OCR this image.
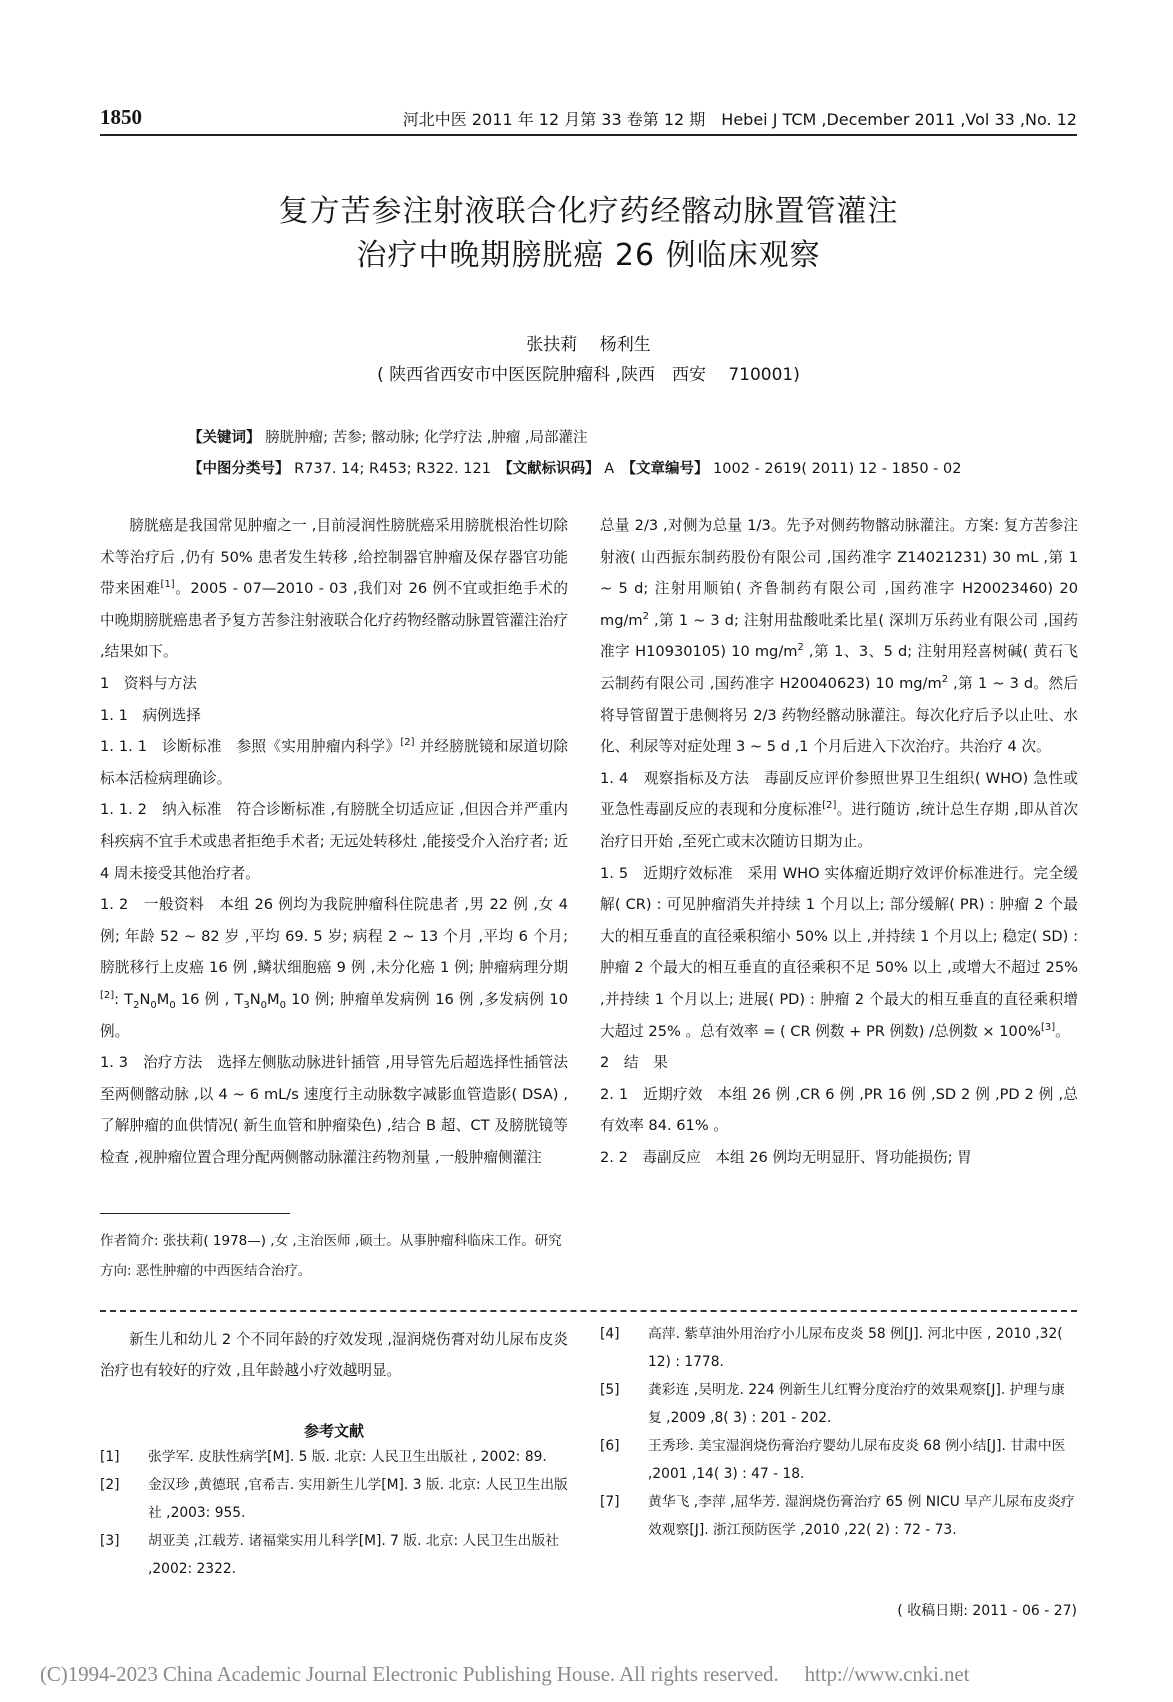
1850	河北中医 2011 年 12 月第 33 卷第 12 期　Hebei J TCM ,December 2011 ,Vol 33 ,No. 12
复方苦参注射液联合化疗药经髂动脉置管灌注
治疗中晚期膀胱癌 26 例临床观察
张扶莉　 杨利生
( 陕西省西安市中医医院肿瘤科 ,陕西　西安　 710001)
【关键词】 膀胱肿瘤; 苦参; 髂动脉; 化学疗法 ,肿瘤 ,局部灌注
【中图分类号】 R737. 14; R453; R322. 121　【文献标识码】 A　【文章编号】 1002 - 2619( 2011) 12 - 1850 - 02

膀胱癌是我国常见肿瘤之一 ,目前浸润性膀胱癌采用膀胱根治性切除术等治疗后 ,仍有 50% 患者发生转移 ,给控制器官肿瘤及保存器官功能带来困难[1]。2005 - 07—2010 - 03 ,我们对 26 例不宜或拒绝手术的中晚期膀胱癌患者予复方苦参注射液联合化疗药物经髂动脉置管灌注治疗 ,结果如下。

1　资料与方法

1. 1　病例选择

1. 1. 1　诊断标准　参照《实用肿瘤内科学》[2] 并经膀胱镜和尿道切除标本活检病理确诊。

1. 1. 2　纳入标准　符合诊断标准 ,有膀胱全切适应证 ,但因合并严重内科疾病不宜手术或患者拒绝手术者; 无远处转移灶 ,能接受介入治疗者; 近 4 周未接受其他治疗者。

1. 2　一般资料　本组 26 例均为我院肿瘤科住院患者 ,男 22 例 ,女 4 例; 年龄 52 ~ 82 岁 ,平均 69. 5 岁; 病程 2 ~ 13 个月 ,平均 6 个月; 膀胱移行上皮癌 16 例 ,鳞状细胞癌 9 例 ,未分化癌 1 例; 肿瘤病理分期[2]: $T_2N_0M_0$ 16 例 , $T_3N_0M_0$ 10 例; 肿瘤单发病例 16 例 ,多发病例 10 例。

1. 3　治疗方法　选择左侧肱动脉进针插管 ,用导管先后超选择性插管法至两侧髂动脉 ,以 4 ~ 6 mL/s 速度行主动脉数字减影血管造影( DSA) ,了解肿瘤的血供情况( 新生血管和肿瘤染色) ,结合 B 超、CT 及膀胱镜等检查 ,视肿瘤位置合理分配两侧髂动脉灌注药物剂量 ,一般肿瘤侧灌注

总量 2/3 ,对侧为总量 1/3。先予对侧药物髂动脉灌注。方案: 复方苦参注射液( 山西振东制药股份有限公司 ,国药准字 Z14021231) 30 mL ,第 1 ~ 5 d; 注射用顺铂( 齐鲁制药有限公司 ,国药准字 H20023460) 20 $mg/m^2$ ,第 1 ~ 3 d; 注射用盐酸吡柔比星( 深圳万乐药业有限公司 ,国药准字 H10930105) 10 $mg/m^2$ ,第 1、3、5 d; 注射用羟喜树碱( 黄石飞云制药有限公司 ,国药准字 H20040623) 10 $mg/m^2$ ,第 1 ~ 3 d。然后将导管留置于患侧将另 2/3 药物经髂动脉灌注。每次化疗后予以止吐、水化、利尿等对症处理 3 ~ 5 d ,1 个月后进入下次治疗。共治疗 4 次。

1. 4　观察指标及方法　毒副反应评价参照世界卫生组织( WHO) 急性或亚急性毒副反应的表现和分度标准[2]。进行随访 ,统计总生存期 ,即从首次治疗日开始 ,至死亡或末次随访日期为止。

1. 5　近期疗效标准　采用 WHO 实体瘤近期疗效评价标准进行。完全缓解( CR) : 可见肿瘤消失并持续 1 个月以上; 部分缓解( PR) : 肿瘤 2 个最大的相互垂直的直径乘积缩小 50% 以上 ,并持续 1 个月以上; 稳定( SD) : 肿瘤 2 个最大的相互垂直的直径乘积不足 50% 以上 ,或增大不超过 25% ,并持续 1 个月以上; 进展( PD) : 肿瘤 2 个最大的相互垂直的直径乘积增大超过 25% 。总有效率 = ( CR 例数 + PR 例数) /总例数 × 100%[3]。

2　结　果

2. 1　近期疗效　本组 26 例 ,CR 6 例 ,PR 16 例 ,SD 2 例 ,PD 2 例 ,总有效率 84. 61% 。

2. 2　毒副反应　本组 26 例均无明显肝、肾功能损伤; 胃

作者简介: 张扶莉( 1978—) ,女 ,主治医师 ,硕士。从事肿瘤科临床工作。研究方向: 恶性肿瘤的中西医结合治疗。

新生儿和幼儿 2 个不同年龄的疗效发现 ,湿润烧伤膏对幼儿尿布皮炎治疗也有较好的疗效 ,且年龄越小疗效越明显。

参考文献
[1]	张学军. 皮肤性病学[M]. 5 版. 北京: 人民卫生出版社 , 2002: 89.
[2]	金汉珍 ,黄德珉 ,官希吉. 实用新生儿学[M]. 3 版. 北京: 人民卫生出版社 ,2003: 955.
[3]	胡亚美 ,江载芳. 诸福棠实用儿科学[M]. 7 版. 北京: 人民卫生出版社 ,2002: 2322.
[4]	高萍. 紫草油外用治疗小儿尿布皮炎 58 例[J]. 河北中医 , 2010 ,32( 12) : 1778.
[5]	龚彩连 ,吴明龙. 224 例新生儿红臀分度治疗的效果观察[J]. 护理与康复 ,2009 ,8( 3) : 201 - 202.
[6]	王秀珍. 美宝湿润烧伤膏治疗婴幼儿尿布皮炎 68 例小结[J]. 甘肃中医 ,2001 ,14( 3) : 47 - 18.
[7]	黄华飞 ,李萍 ,屈华芳. 湿润烧伤膏治疗 65 例 NICU 早产儿尿布皮炎疗效观察[J]. 浙江预防医学 ,2010 ,22( 2) : 72 - 73.
( 收稿日期: 2011 - 06 - 27)
(C)1994-2023 China Academic Journal Electronic Publishing House. All rights reserved.　 http://www.cnki.net
